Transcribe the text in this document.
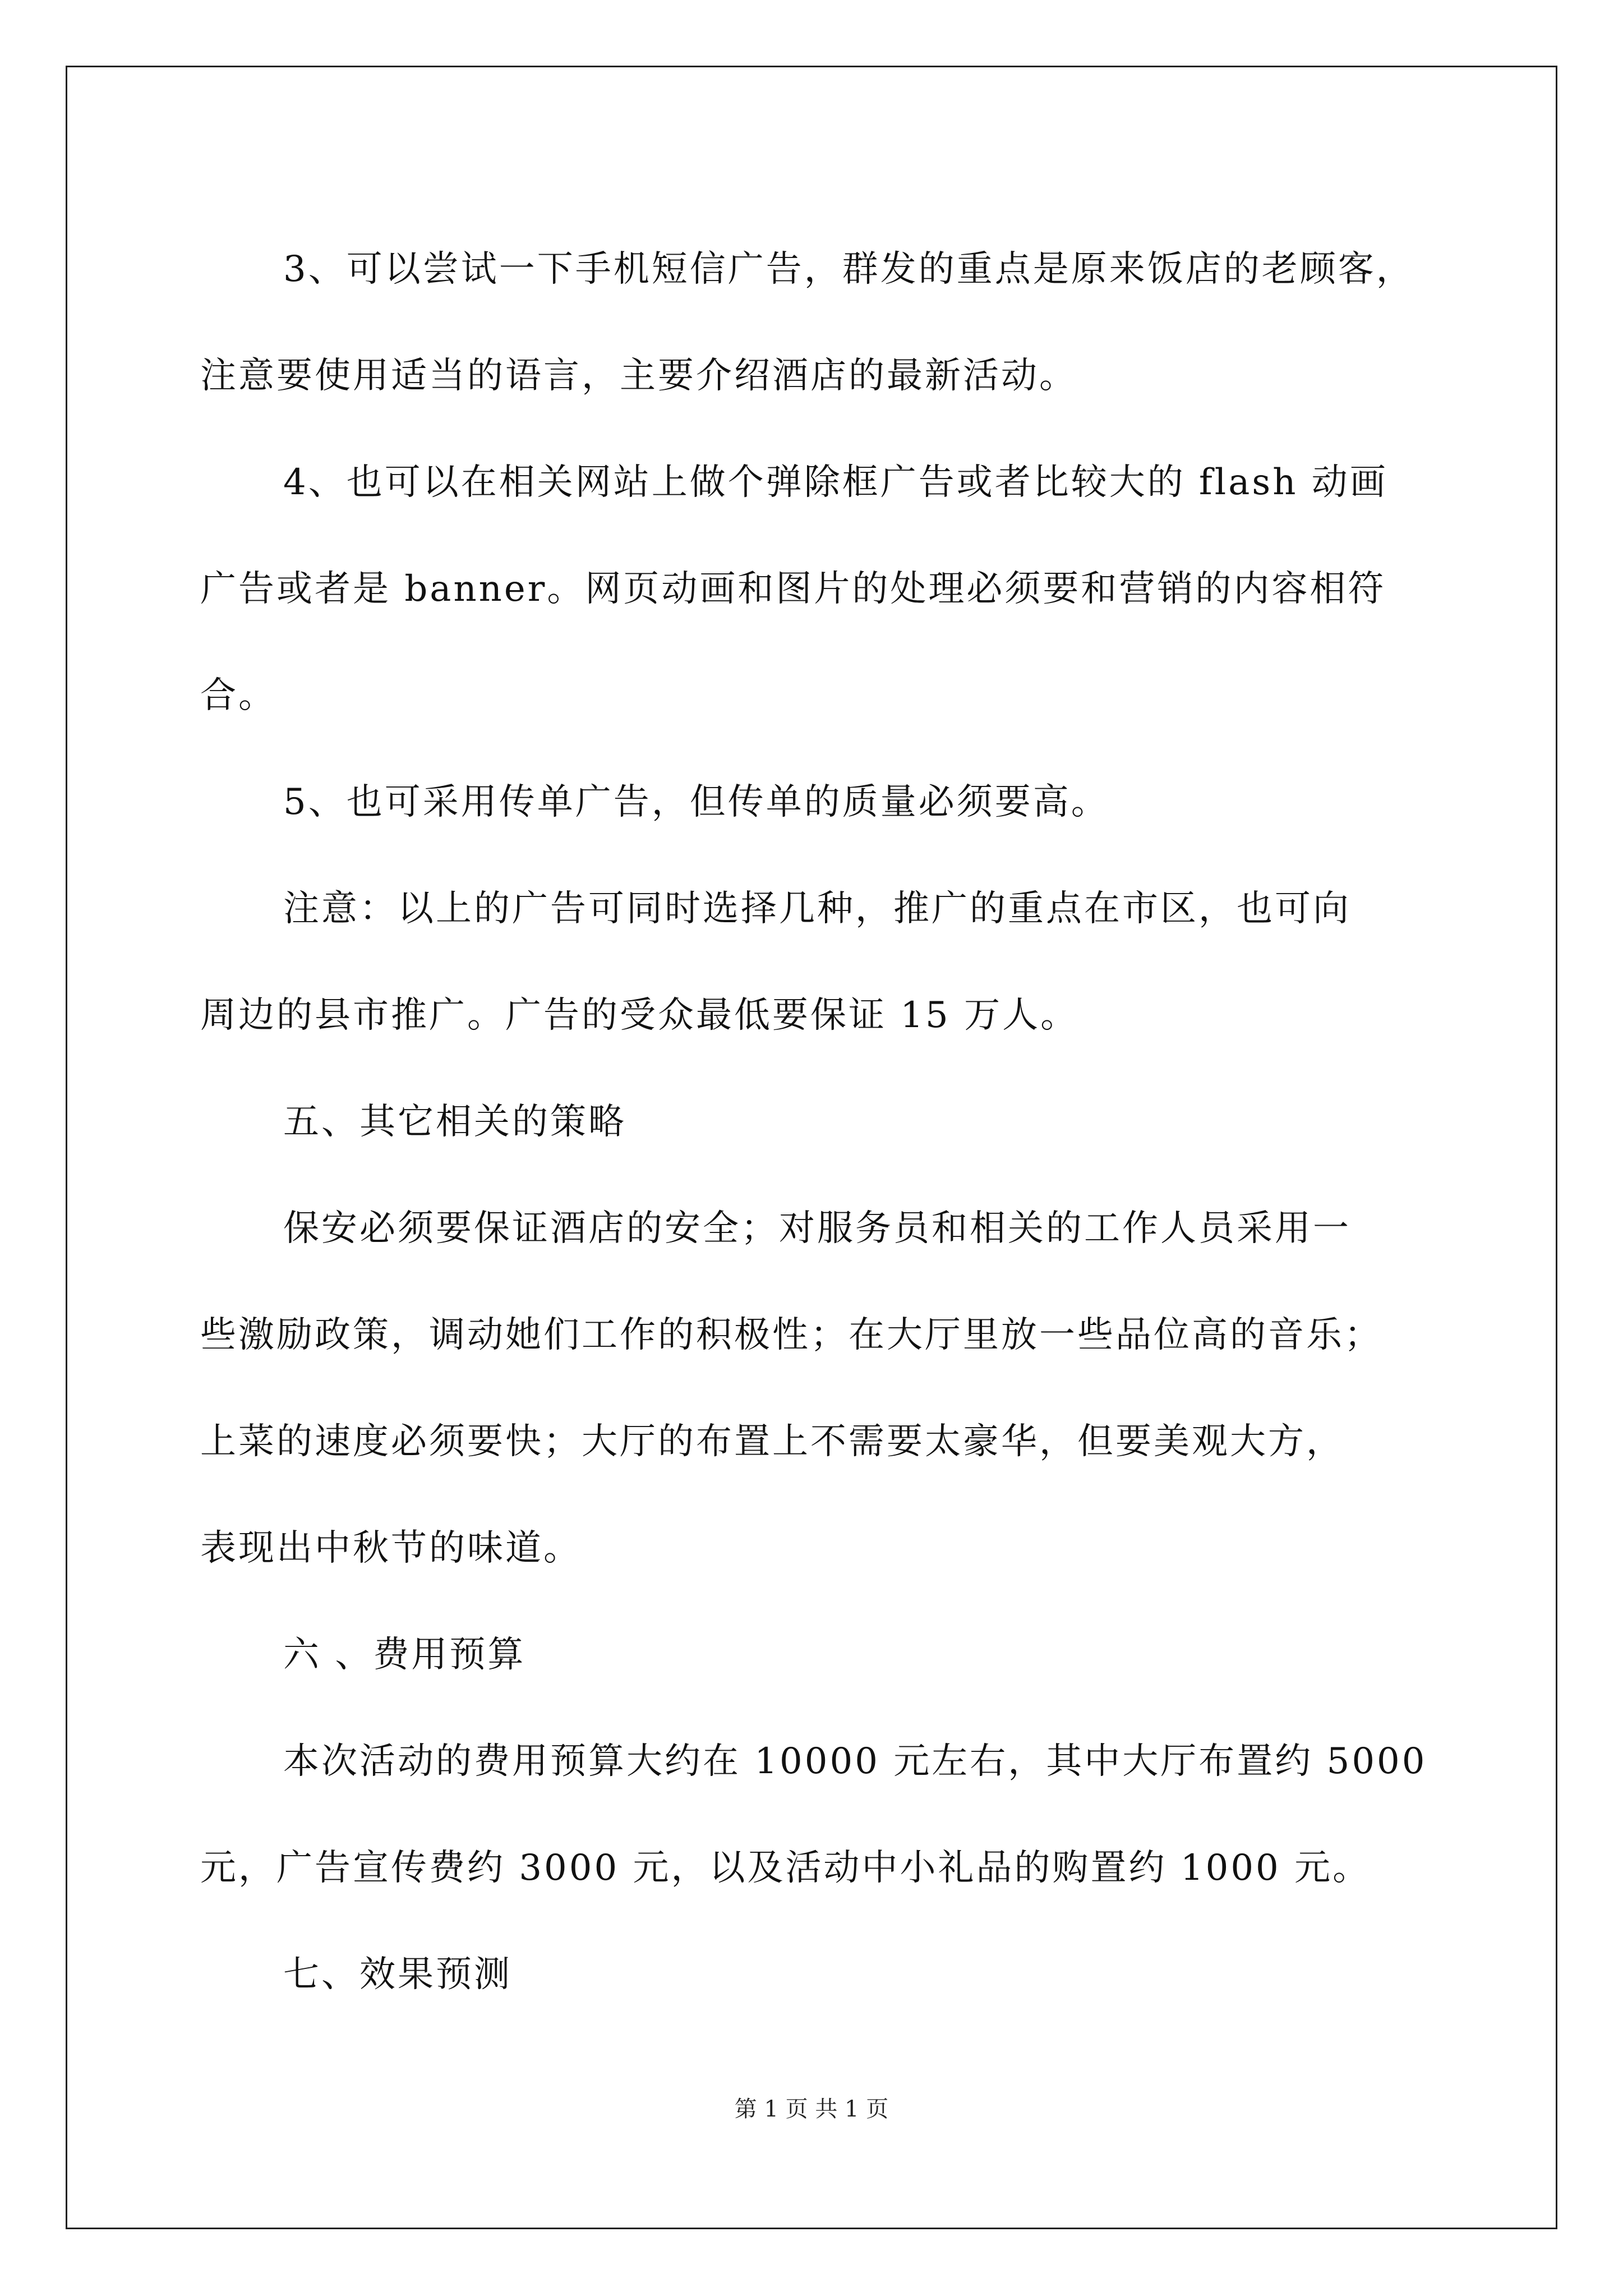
3、可以尝试一下手机短信广告，群发的重点是原来饭店的老顾客，

注意要使用适当的语言，主要介绍酒店的最新活动。

4、也可以在相关网站上做个弹除框广告或者比较大的 flash 动画

广告或者是 banner。网页动画和图片的处理必须要和营销的内容相符

合。

5、也可采用传单广告，但传单的质量必须要高。

注意：以上的广告可同时选择几种，推广的重点在市区，也可向

周边的县市推广。广告的受众最低要保证 15 万人。

五、其它相关的策略

保安必须要保证酒店的安全；对服务员和相关的工作人员采用一

些激励政策，调动她们工作的积极性；在大厅里放一些品位高的音乐；

上菜的速度必须要快；大厅的布置上不需要太豪华，但要美观大方，

表现出中秋节的味道。

六 、费用预算

本次活动的费用预算大约在 10000 元左右，其中大厅布置约 5000

元，广告宣传费约 3000 元，以及活动中小礼品的购置约 1000 元。

七、效果预测

第 1 页 共 1 页
